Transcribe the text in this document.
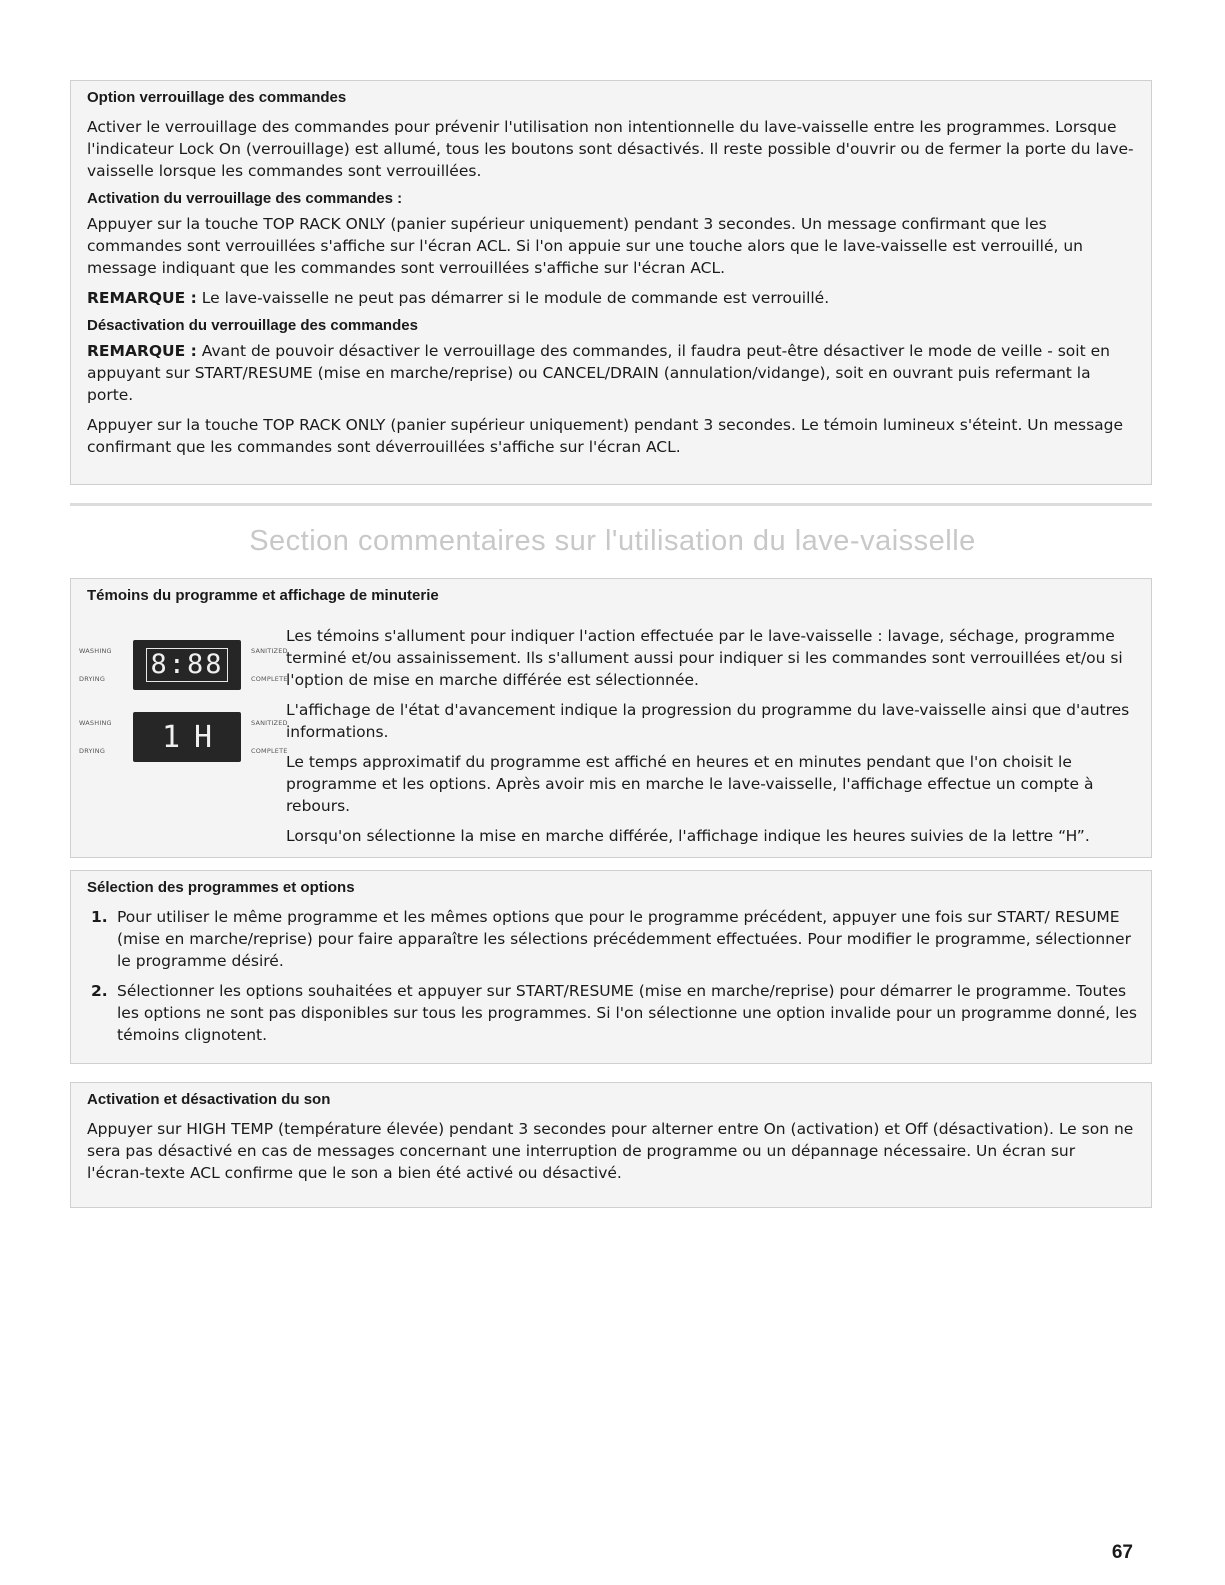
Option verrouillage des commandes

Activer le verrouillage des commandes pour prévenir l'utilisation non intentionnelle du lave-vaisselle entre les programmes. Lorsque l'indicateur Lock On (verrouillage) est allumé, tous les boutons sont désactivés. Il reste possible d'ouvrir ou de fermer la porte du lave-vaisselle lorsque les commandes sont verrouillées.

Activation du verrouillage des commandes :

Appuyer sur la touche TOP RACK ONLY (panier supérieur uniquement) pendant 3 secondes. Un message confirmant que les commandes sont verrouillées s'affiche sur l'écran ACL. Si l'on appuie sur une touche alors que le lave-vaisselle est verrouillé, un message indiquant que les commandes sont verrouillées s'affiche sur l'écran ACL.

REMARQUE : Le lave-vaisselle ne peut pas démarrer si le module de commande est verrouillé.

Désactivation du verrouillage des commandes

REMARQUE : Avant de pouvoir désactiver le verrouillage des commandes, il faudra peut-être désactiver le mode de veille - soit en appuyant sur START/RESUME (mise en marche/reprise) ou CANCEL/DRAIN (annulation/vidange), soit en ouvrant puis refermant la porte.

Appuyer sur la touche TOP RACK ONLY (panier supérieur uniquement) pendant 3 secondes. Le témoin lumineux s'éteint. Un message confirmant que les commandes sont déverrouillées s'affiche sur l'écran ACL.

Section commentaires sur l'utilisation du lave-vaisselle
Témoins du programme et affichage de minuterie
WASHING
DRYING 8:88	SANITIZED
COMPLETE
WASHING
DRYING	1H	SANITIZED
COMPLETE

Les témoins s'allument pour indiquer l'action effectuée par le lave-vaisselle : lavage, séchage, programme terminé et/ou assainissement. Ils s'allument aussi pour indiquer si les commandes sont verrouillées et/ou si l'option de mise en marche différée est sélectionnée.

L'affichage de l'état d'avancement indique la progression du programme du lave-vaisselle ainsi que d'autres informations.

Le temps approximatif du programme est affiché en heures et en minutes pendant que l'on choisit le programme et les options. Après avoir mis en marche le lave-vaisselle, l'affichage effectue un compte à rebours.

Lorsqu'on sélectionne la mise en marche différée, l'affichage indique les heures suivies de la lettre “H”.

Sélection des programmes et options
1. Pour utiliser le même programme et les mêmes options que pour le programme précédent, appuyer une fois sur START/ RESUME (mise en marche/reprise) pour faire apparaître les sélections précédemment effectuées. Pour modifier le programme, sélectionner le programme désiré.
2. Sélectionner les options souhaitées et appuyer sur START/RESUME (mise en marche/reprise) pour démarrer le programme. Toutes les options ne sont pas disponibles sur tous les programmes. Si l'on sélectionne une option invalide pour un programme donné, les témoins clignotent.
Activation et désactivation du son

Appuyer sur HIGH TEMP (température élevée) pendant 3 secondes pour alterner entre On (activation) et Off (désactivation). Le son ne sera pas désactivé en cas de messages concernant une interruption de programme ou un dépannage nécessaire. Un écran sur l'écran-texte ACL confirme que le son a bien été activé ou désactivé.

67
